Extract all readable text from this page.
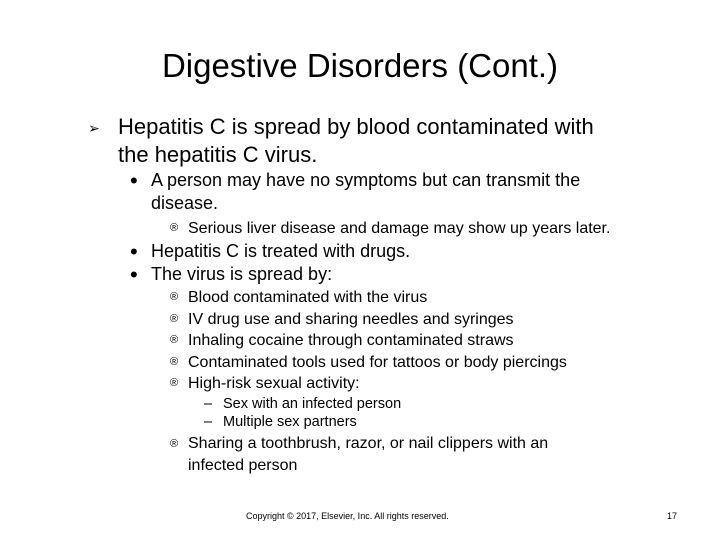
Digestive Disorders (Cont.)
➢ Hepatitis C is spread by blood contaminated with
the hepatitis C virus.
• A person may have no symptoms but can transmit the
disease.
® Serious liver disease and damage may show up years later.
• Hepatitis C is treated with drugs.
• The virus is spread by:
® Blood contaminated with the virus
® IV drug use and sharing needles and syringes
® Inhaling cocaine through contaminated straws
® Contaminated tools used for tattoos or body piercings
® High-risk sexual activity:
– Sex with an infected person
– Multiple sex partners
® Sharing a toothbrush, razor, or nail clippers with an
infected person
Copyright © 2017, Elsevier, Inc. All rights reserved.	17
